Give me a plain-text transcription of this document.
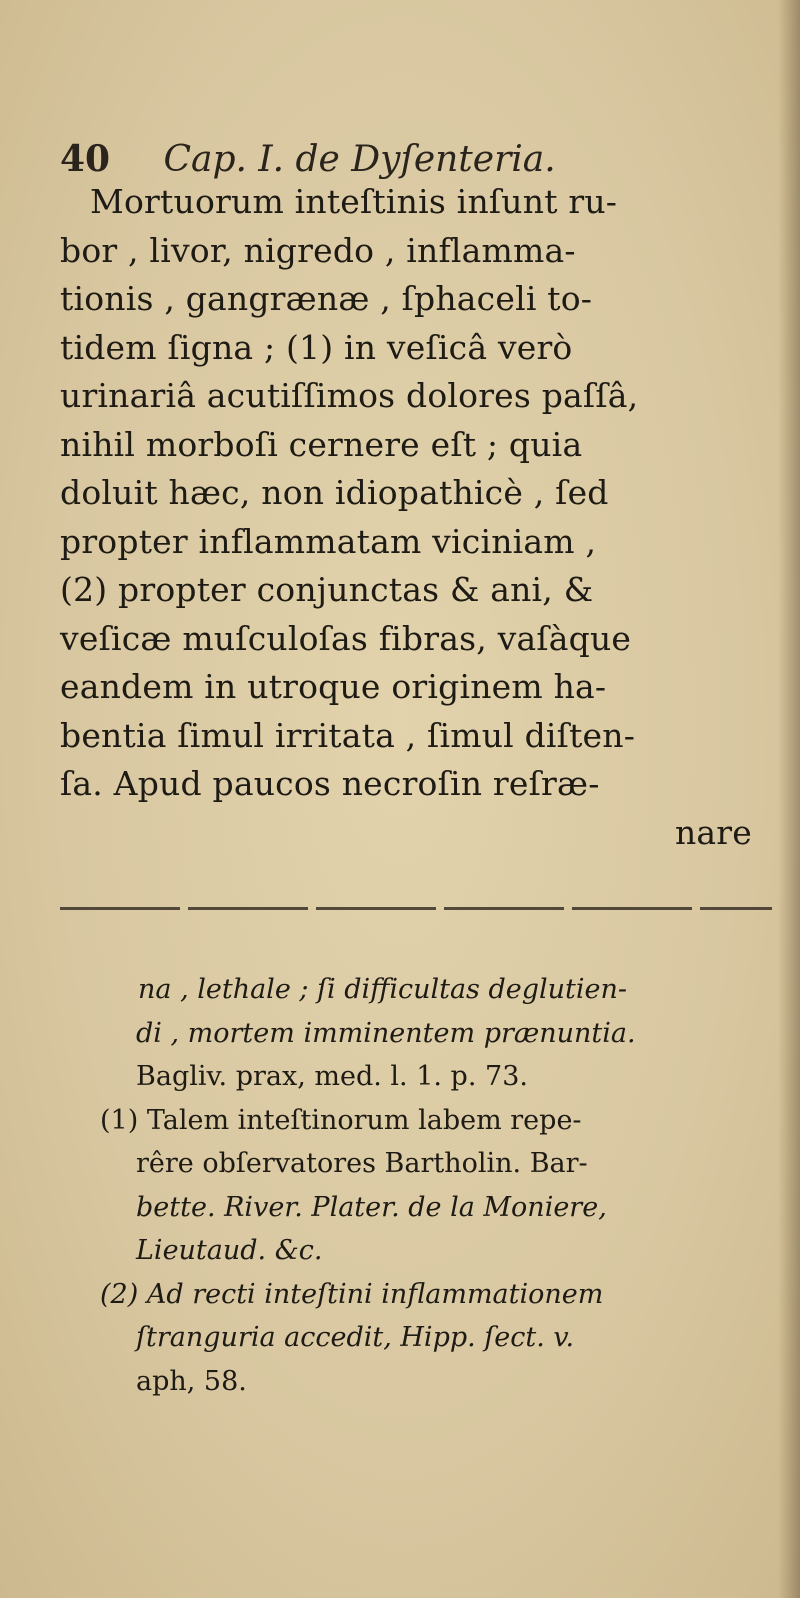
40 Cap. I. de Dyſenteria.
Mortuorum inteſtinis inſunt ru-
bor , livor, nigredo , inflamma-
tionis , gangrænæ , ſphaceli to-
tidem ſigna ; (1) in veſicâ verò
urinariâ acutiſſimos dolores paſſâ,
nihil morboſi cernere eſt ; quia
doluit hæc, non idiopathicè , ſed
propter inflammatam viciniam ,
(2) propter conjunctas & ani, &
veſicæ muſculoſas fibras, vaſàque
eandem in utroque originem ha-
bentia ſimul irritata , ſimul diſten-
ſa. Apud paucos necroſin reſræ-
nare
na , lethale ; ſi difficultas deglutien-
di , mortem imminentem prænuntia.
Bagliv. prax, med. l. 1. p. 73.
(1) Talem inteſtinorum labem repe-
rêre obſervatores Bartholin. Bar-
bette. River. Plater. de la Moniere,
Lieutaud. &c.
(2) Ad recti inteſtini inflammationem
ſtranguria accedit, Hipp. ſect. v.
aph, 58.
